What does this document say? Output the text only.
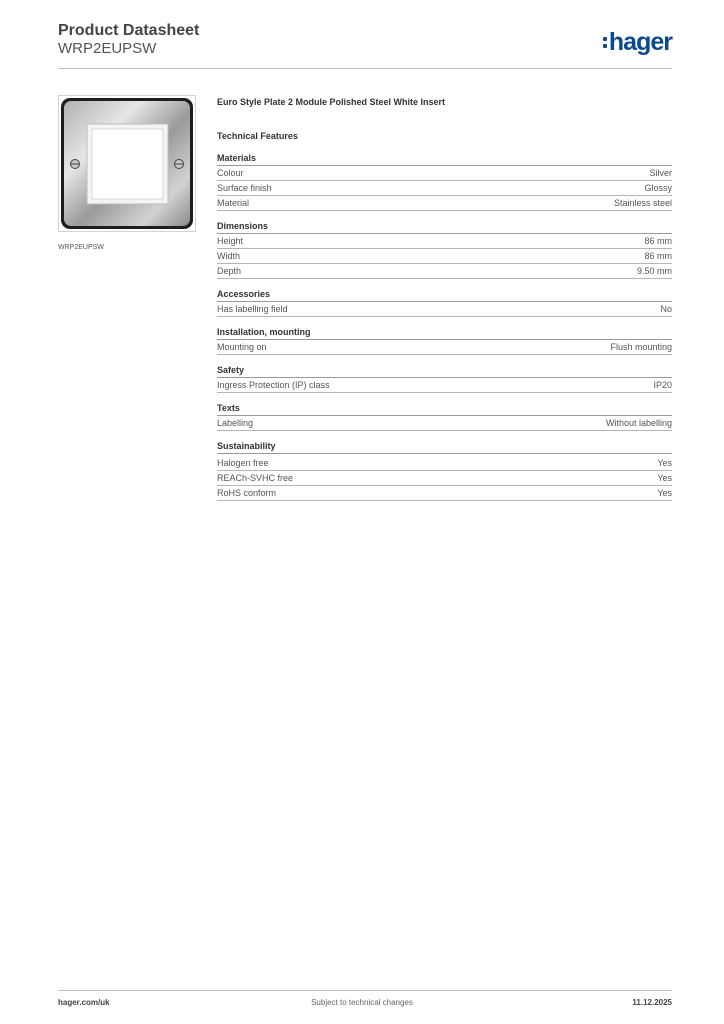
Product Datasheet
WRP2EUPSW	hager
WRP2EUPSW
Euro Style Plate 2 Module Polished Steel White Insert
Technical Features
Materials
Colour	Silver
Surface finish	Glossy
Material	Stainless steel
Dimensions
Height	86 mm
Width	86 mm
Depth	9.50 mm
Accessories
Has labelling field	No
Installation, mounting
Mounting on	Flush mounting
Safety
Ingress Protection (IP) class	IP20
Texts
Labelling	Without labelling
Sustainability
Halogen free	Yes
REACh-SVHC free	Yes
RoHS conform	Yes
hager.com/uk	Subject to technical changes	11.12.2025
